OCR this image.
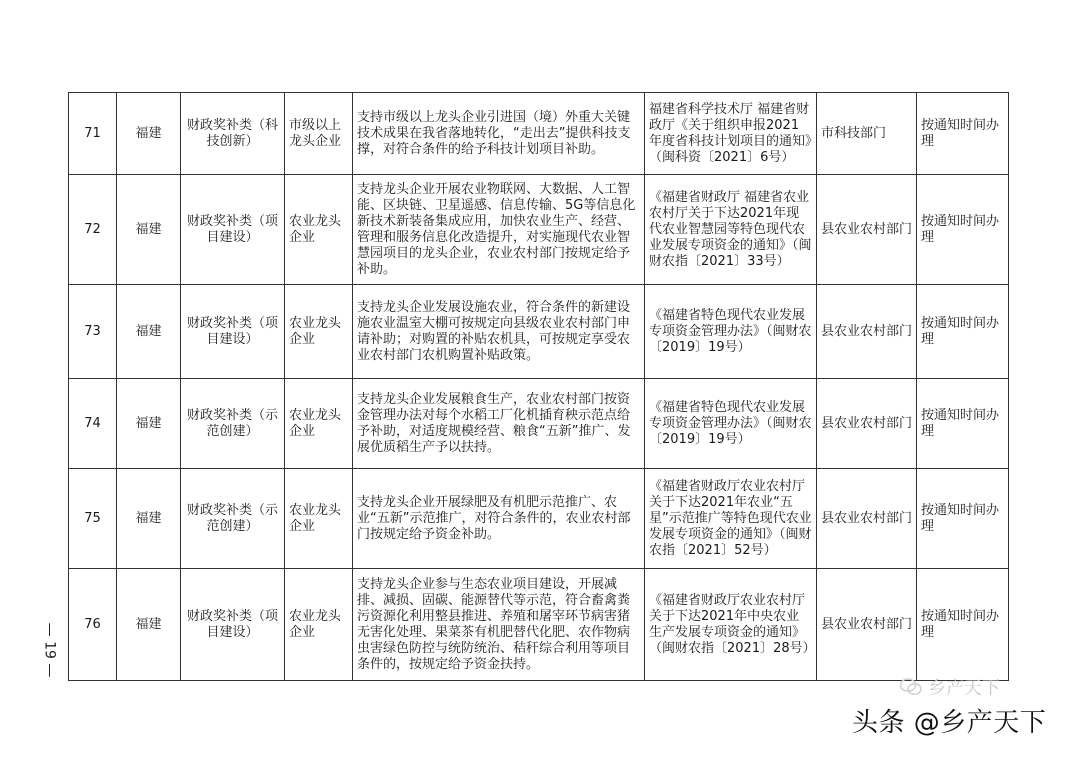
71	福建	财政奖补类（科技创新）	市级以上龙头企业	支持市级以上龙头企业引进国（境）外重大关键技术成果在我省落地转化，“走出去”提供科技支撑，对符合条件的给予科技计划项目补助。	福建省科学技术厅 福建省财政厅《关于组织申报2021年度省科技计划项目的通知》（闽科资〔2021〕6号）	市科技部门	按通知时间办理
72	福建	财政奖补类（项目建设）	农业龙头企业	支持龙头企业开展农业物联网、大数据、人工智能、区块链、卫星遥感、信息传输、5G等信息化新技术新装备集成应用，加快农业生产、经营、管理和服务信息化改造提升，对实施现代农业智慧园项目的龙头企业，农业农村部门按规定给予补助。	《福建省财政厅 福建省农业农村厅关于下达2021年现代农业智慧园等特色现代农业发展专项资金的通知》（闽财农指〔2021〕33号）	县农业农村部门	按通知时间办理
73	福建	财政奖补类（项目建设）	农业龙头企业	支持龙头企业发展设施农业，符合条件的新建设施农业温室大棚可按规定向县级农业农村部门申请补助；对购置的补贴农机具，可按规定享受农业农村部门农机购置补贴政策。	《福建省特色现代农业发展专项资金管理办法》（闽财农〔2019〕19号）	县农业农村部门	按通知时间办理
74	福建	财政奖补类（示范创建）	农业龙头企业	支持龙头企业发展粮食生产，农业农村部门按资金管理办法对每个水稻工厂化机插育秧示范点给予补助，对适度规模经营、粮食“五新”推广、发展优质稻生产予以扶持。	《福建省特色现代农业发展专项资金管理办法》（闽财农〔2019〕19号）	县农业农村部门	按通知时间办理
75	福建	财政奖补类（示范创建）	农业龙头企业	支持龙头企业开展绿肥及有机肥示范推广、农业“五新”示范推广，对符合条件的，农业农村部门按规定给予资金补助。	《福建省财政厅农业农村厅关于下达2021年农业“五星”示范推广等特色现代农业发展专项资金的通知》（闽财农指〔2021〕52号）	县农业农村部门	按通知时间办理
76	福建	财政奖补类（项目建设）	农业龙头企业	支持龙头企业参与生态农业项目建设，开展减排、减损、固碳、能源替代等示范，符合畜禽粪污资源化利用整县推进、养殖和屠宰环节病害猪无害化处理、果菜茶有机肥替代化肥、农作物病虫害绿色防控与统防统治、秸秆综合利用等项目条件的，按规定给予资金扶持。	《福建省财政厅农业农村厅关于下达2021年中央农业生产发展专项资金的通知》（闽财农指〔2021〕28号）	县农业农村部门	按通知时间办理
— 19 —
乡产天下
头条 @乡产天下
